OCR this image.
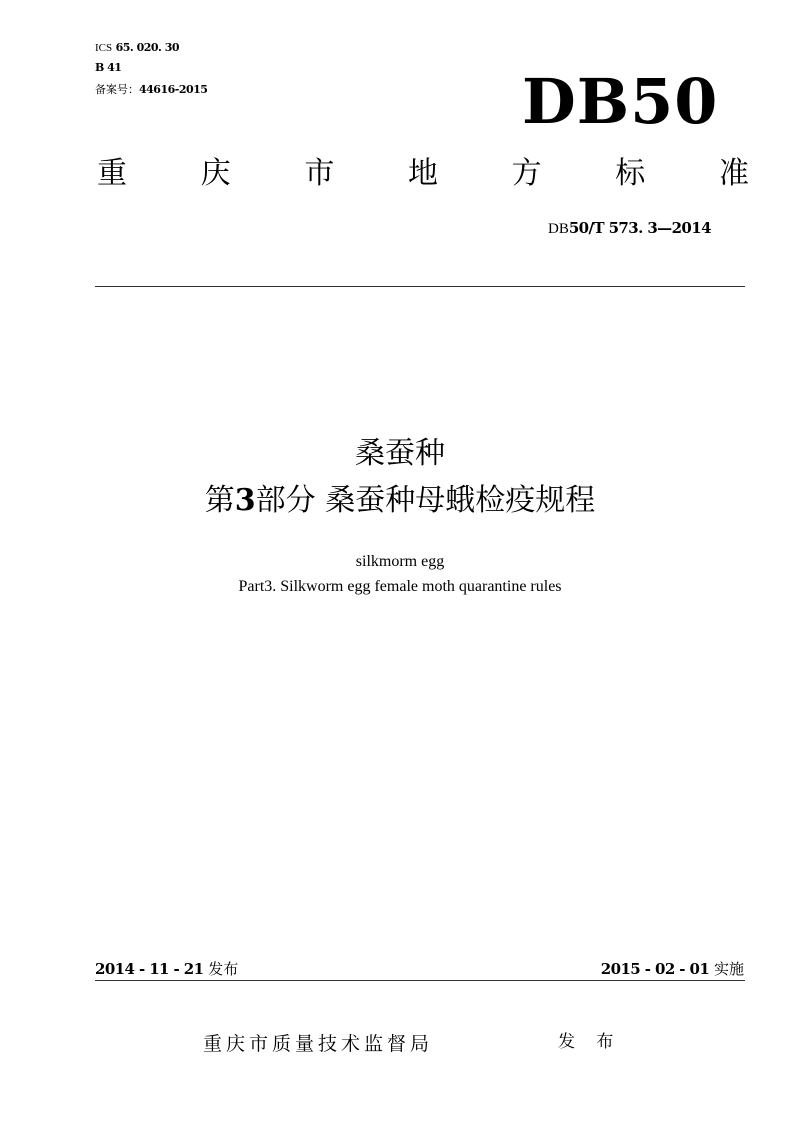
ICS 65. 020. 30
B 41
备案号：44616-2015	DB50
重 庆 市 地 方 标 准
DB50/T 573. 3—2014
桑蚕种
第3部分 桑蚕种母蛾检疫规程
silkmorm egg
Part3. Silkworm egg female moth quarantine rules
2014 - 11 - 21 发布	2015 - 02 - 01 实施
重庆市质量技术监督局	发 布
